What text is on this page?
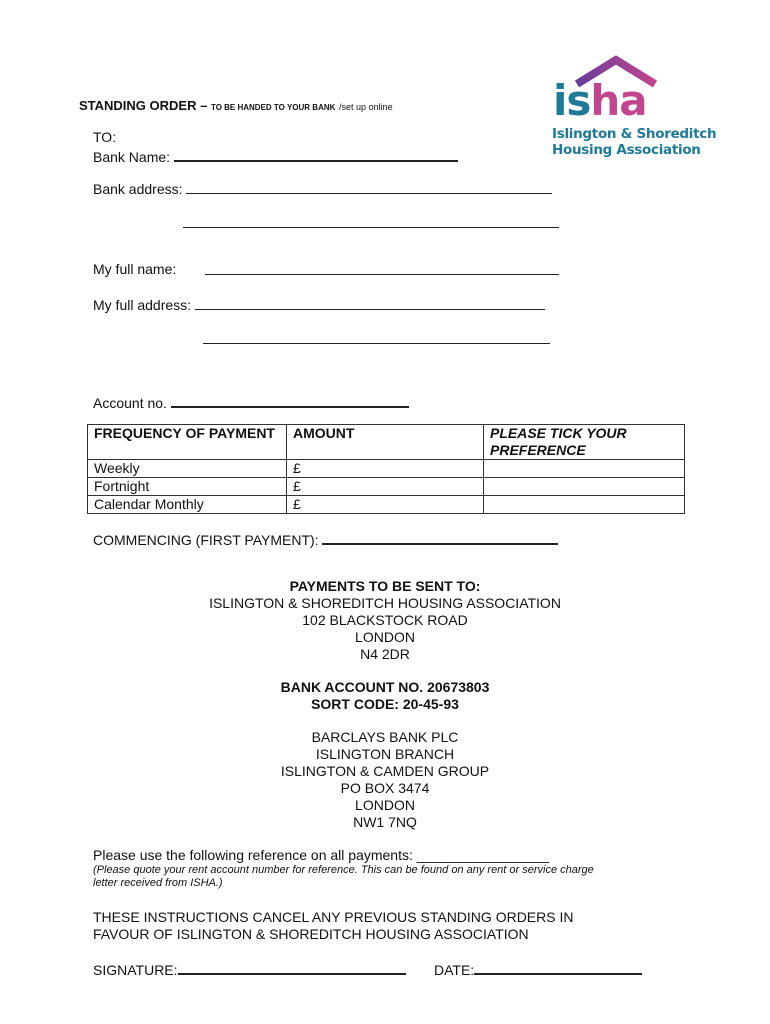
STANDING ORDER – TO BE HANDED TO YOUR BANK /set up online	isha
Islington & Shoreditch
Housing Association
TO:
Bank Name:
Bank address:
My full name:
My full address:
Account no.
FREQUENCY OF PAYMENT	AMOUNT	PLEASE TICK YOUR PREFERENCE
Weekly	£	
Fortnight	£	
Calendar Monthly	£	
COMMENCING (FIRST PAYMENT):
PAYMENTS TO BE SENT TO:
ISLINGTON & SHOREDITCH HOUSING ASSOCIATION
102 BLACKSTOCK ROAD
LONDON
N4 2DR
BANK ACCOUNT NO. 20673803
SORT CODE: 20-45-93
BARCLAYS BANK PLC
ISLINGTON BRANCH
ISLINGTON & CAMDEN GROUP
PO BOX 3474
LONDON
NW1 7NQ
Please use the following reference on all payments: _________________
(Please quote your rent account number for reference. This can be found on any rent or service charge
letter received from ISHA.)
THESE INSTRUCTIONS CANCEL ANY PREVIOUS STANDING ORDERS IN
FAVOUR OF ISLINGTON & SHOREDITCH HOUSING ASSOCIATION
SIGNATURE:	DATE:
